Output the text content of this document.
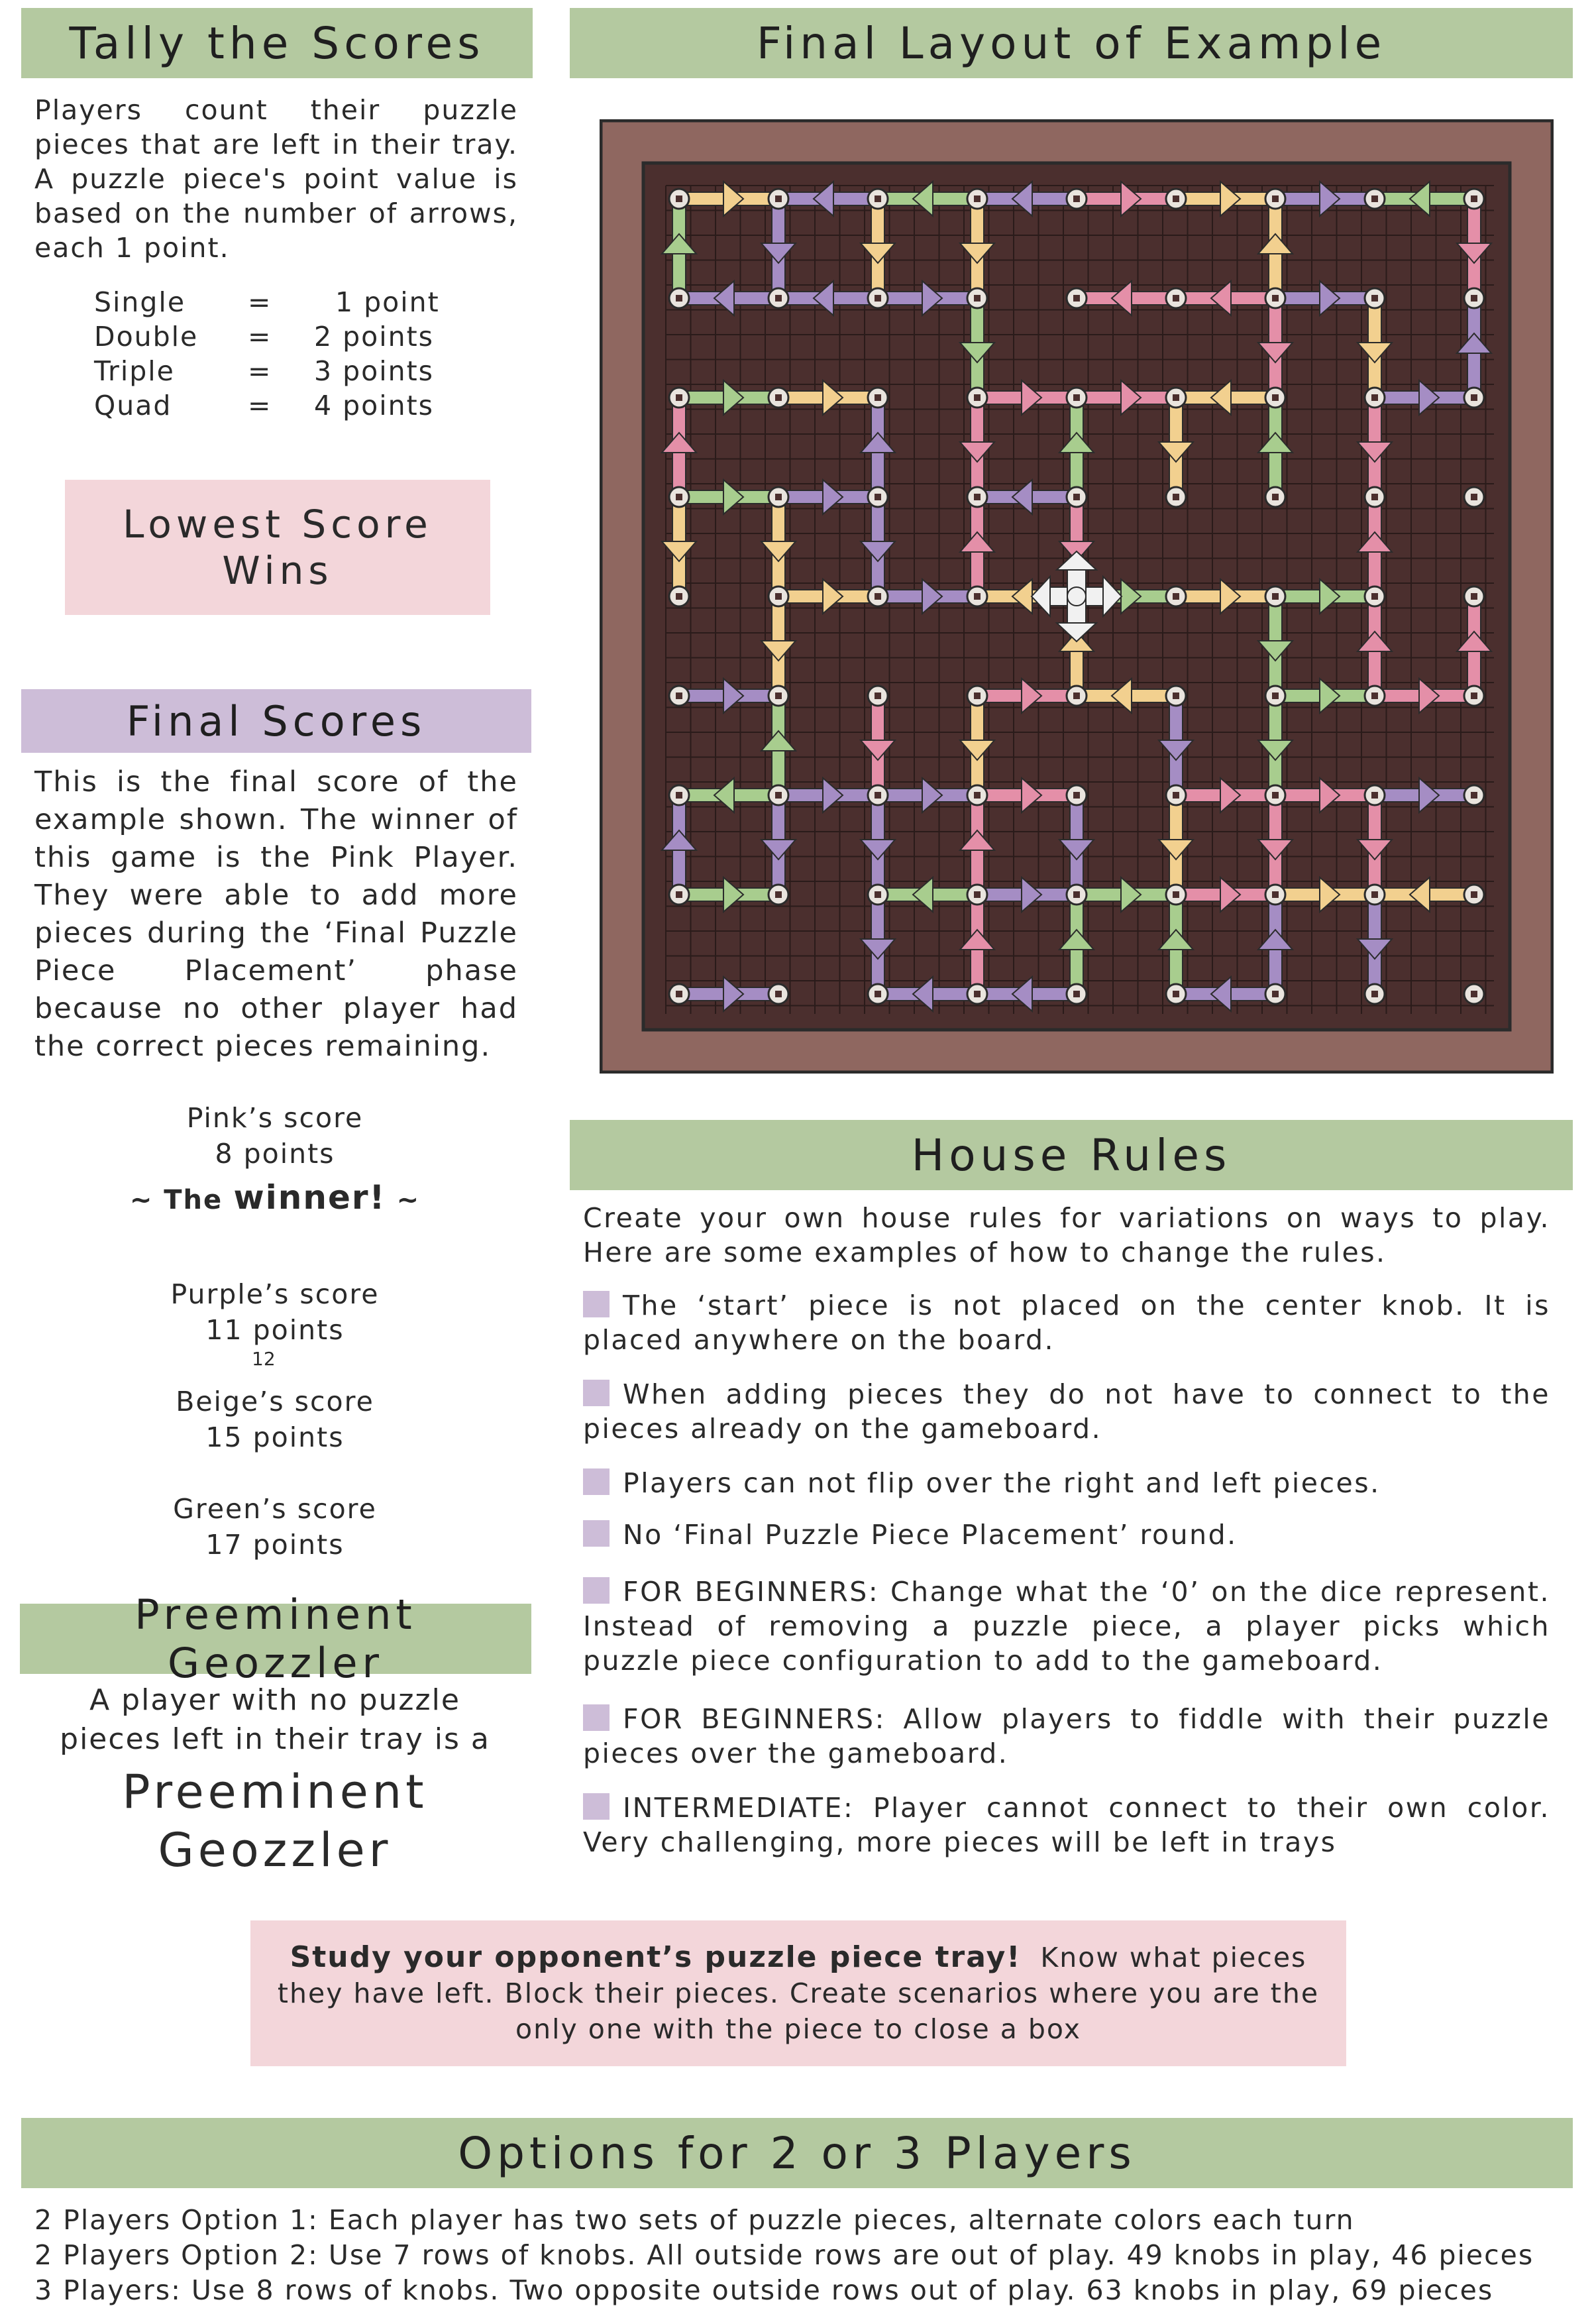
Tally the Scores
Players count their puzzle pieces that are left in their tray. A puzzle piece's point value is based on the number of arrows, each 1 point.
Single	=	1 point
Double	=	2 points
Triple	=	3 points
Quad	=	4 points
Lowest Score
Wins
Final Scores
This is the final score of the example shown. The winner of this game is the Pink Player. They were able to add more pieces during the ‘Final Puzzle Piece Placement’ phase because no other player had the correct pieces remaining.
Pink’s score
8 points
~ The winner! ~
Purple’s score
11 points
12
Beige’s score
15 points
Green’s score
17 points
Preeminent Geozzler
A player with no puzzle
pieces left in their tray is a
Preeminent
Geozzler
Final Layout of Example
House Rules
Create your own house rules for variations on ways to play. Here are some examples of how to change the rules.
The ‘start’ piece is not placed on the center knob. It is placed anywhere on the board.
When adding pieces they do not have to connect to the pieces already on the gameboard.
Players can not flip over the right and left pieces.
No ‘Final Puzzle Piece Placement’ round.
FOR BEGINNERS: Change what the ‘0’ on the dice represent. Instead of removing a puzzle piece, a player picks which puzzle piece configuration to add to the gameboard.
FOR BEGINNERS: Allow players to fiddle with their puzzle pieces over the gameboard.
INTERMEDIATE: Player cannot connect to their own color. Very challenging, more pieces will be left in trays
Study your opponent’s puzzle piece tray! Know what pieces
they have left. Block their pieces. Create scenarios where you are the
only one with the piece to close a box
Options for 2 or 3 Players
2 Players Option 1: Each player has two sets of puzzle pieces, alternate colors each turn
2 Players Option 2: Use 7 rows of knobs. All outside rows are out of play. 49 knobs in play, 46 pieces
3 Players: Use 8 rows of knobs. Two opposite outside rows out of play. 63 knobs in play, 69 pieces
